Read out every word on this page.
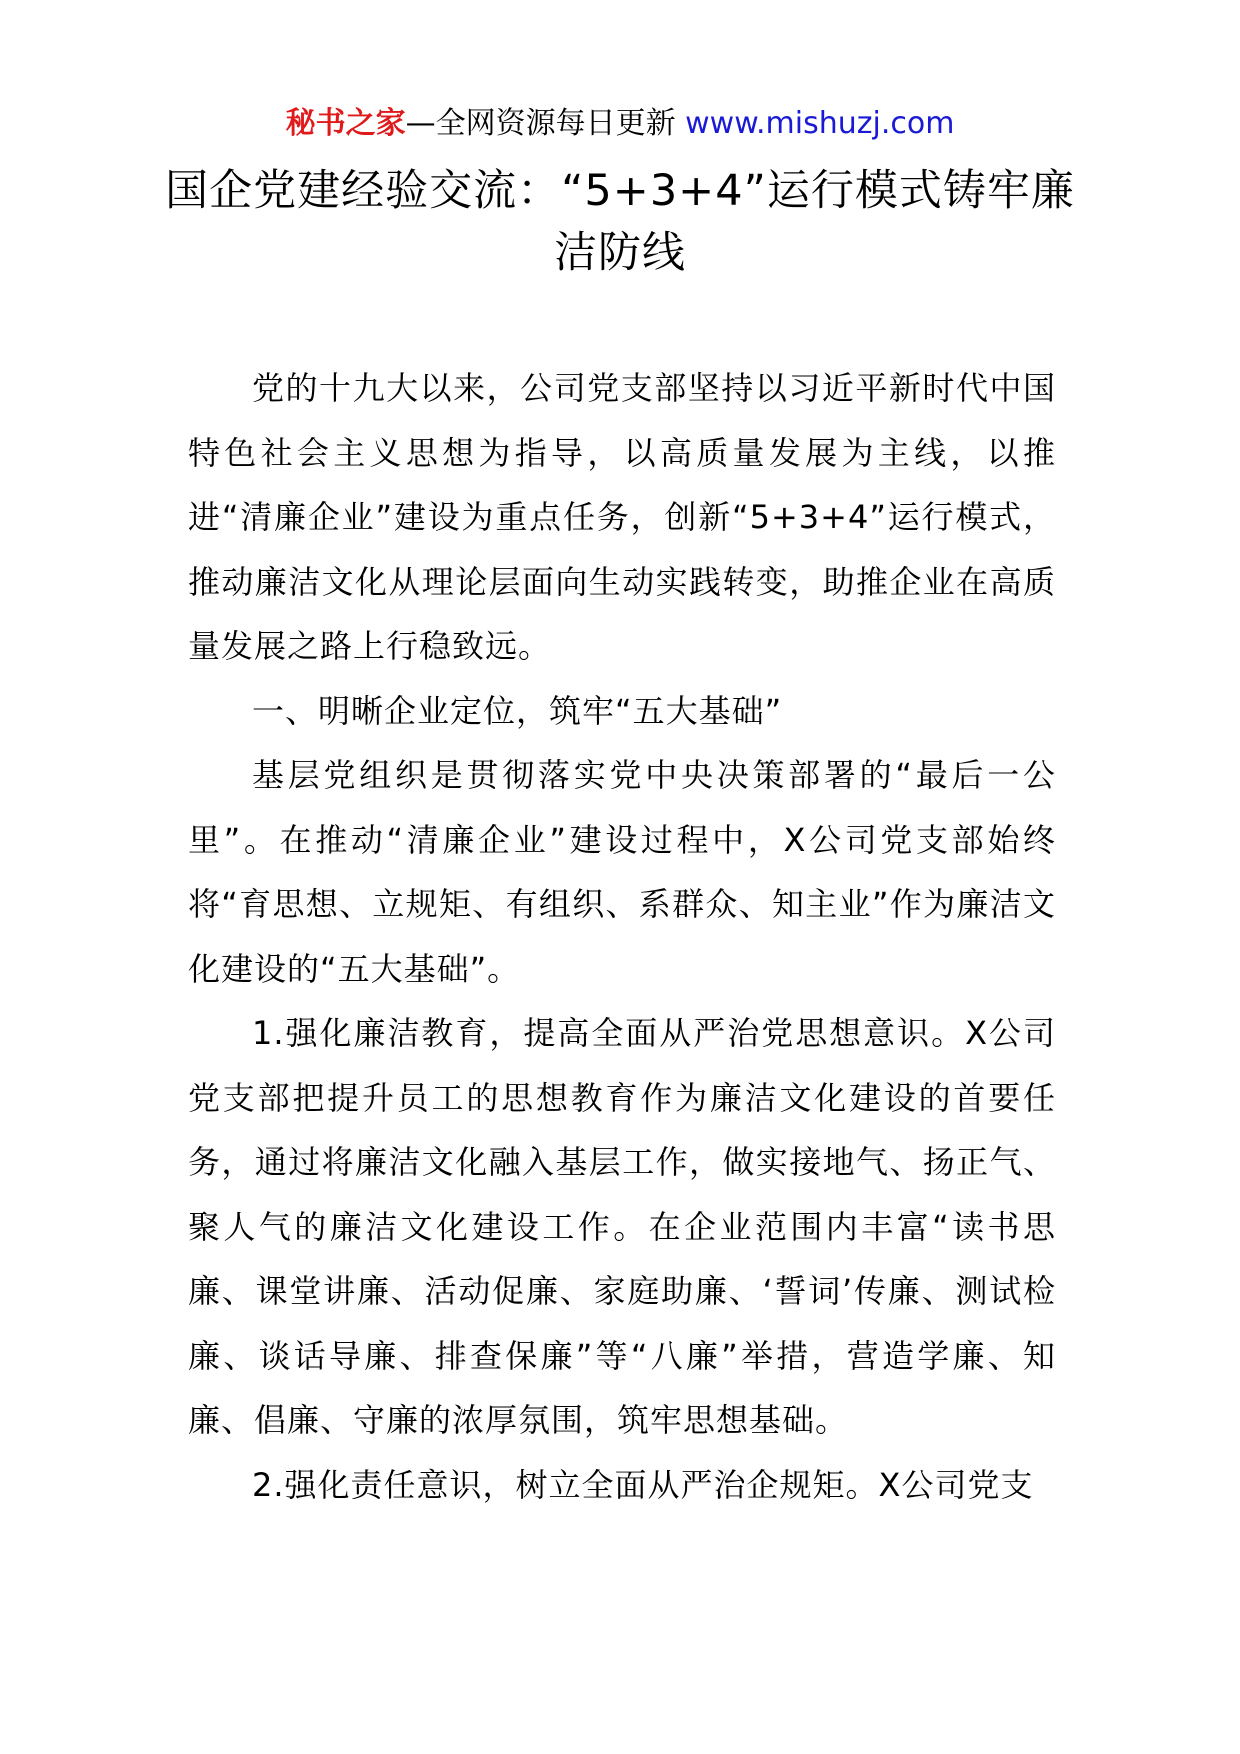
秘书之家—全网资源每日更新 www.mishuzj.com
国企党建经验交流：“5+3+4”运行模式铸牢廉洁防线

党的十九大以来，公司党支部坚持以习近平新时代中国特色社会主义思想为指导，以高质量发展为主线，以推进“清廉企业”建设为重点任务，创新“5+3+4”运行模式，推动廉洁文化从理论层面向生动实践转变，助推企业在高质量发展之路上行稳致远。

一、明晰企业定位，筑牢“五大基础”

基层党组织是贯彻落实党中央决策部署的“最后一公里”。在推动“清廉企业”建设过程中，X公司党支部始终将“育思想、立规矩、有组织、系群众、知主业”作为廉洁文化建设的“五大基础”。

1.强化廉洁教育，提高全面从严治党思想意识。X公司党支部把提升员工的思想教育作为廉洁文化建设的首要任务，通过将廉洁文化融入基层工作，做实接地气、扬正气、聚人气的廉洁文化建设工作。在企业范围内丰富“读书思廉、课堂讲廉、活动促廉、家庭助廉、‘誓词’传廉、测试检廉、谈话导廉、排查保廉”等“八廉”举措，营造学廉、知廉、倡廉、守廉的浓厚氛围，筑牢思想基础。

2.强化责任意识，树立全面从严治企规矩。X公司党支
